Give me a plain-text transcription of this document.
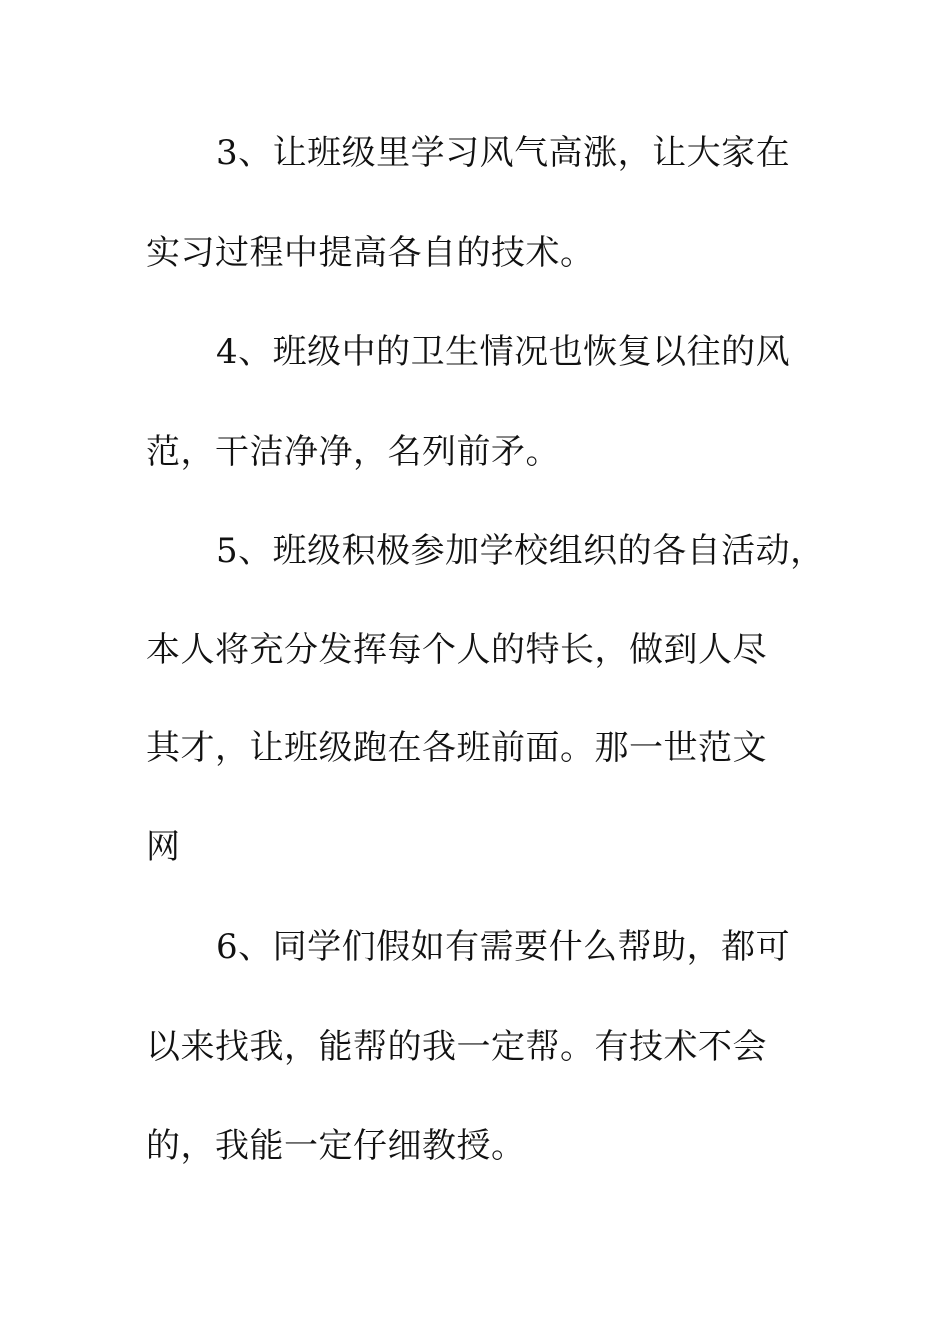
3、让班级里学习风气高涨，让大家在
实习过程中提高各自的技术。
4、班级中的卫生情况也恢复以往的风
范，干洁净净，名列前矛。
5、班级积极参加学校组织的各自活动，
本人将充分发挥每个人的特长，做到人尽
其才，让班级跑在各班前面。那一世范文
网
6、同学们假如有需要什么帮助，都可
以来找我，能帮的我一定帮。有技术不会
的，我能一定仔细教授。
